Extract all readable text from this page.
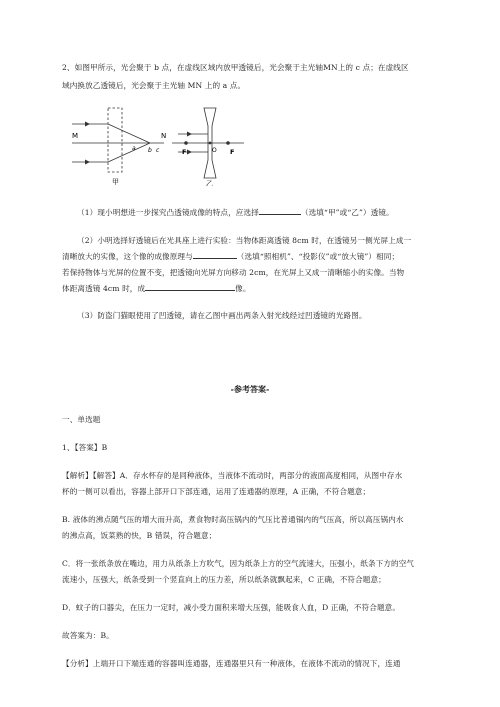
2、如图甲所示，光会聚于 b 点，在虚线区域内放甲透镜后，光会聚于主光轴MN上的 c 点；在虚线区
域内换放乙透镜后，光会聚于主光轴 MN 上的 a 点。
M	N
a b c
甲
F	F
O
乙
（1）现小明想进一步探究凸透镜成像的特点，应选择	（选填“甲”或“乙”）透镜。
（2）小明选择好透镜后在光具座上进行实验：当物体距离透镜 8cm 时，在透镜另一侧光屏上成一
清晰放大的实像，这个像的成像原理与	（选填“照相机”、“投影仪”或“放大镜”）相同；
若保持物体与光屏的位置不变，把透镜向光屏方向移动 2cm，在光屏上又成一清晰缩小的实像。当物
体距离透镜 4cm 时，成	像。
（3）防盗门猫眼使用了凹透镜，请在乙图中画出两条入射光线经过凹透镜的光路图。
-参考答案-
一、单选题
1、【答案】B
【解析】【解答】A．存水杯存的是同种液体，当液体不流动时，两部分的液面高度相同，从图中存水
杯的一侧可以看出，容器上部开口下部连通，运用了连通器的原理，A 正确，不符合题意；
B. 液体的沸点随气压的增大而升高，煮食物时高压锅内的气压比普通锅内的气压高，所以高压锅内水
的沸点高，饭菜熟的快，B 错误，符合题意；
C．将一张纸条放在嘴边，用力从纸条上方吹气，因为纸条上方的空气流速大，压强小，纸条下方的空气
流速小，压强大，纸条受到一个竖直向上的压力差，所以纸条就飘起来，C 正确，不符合题意；
D．蚊子的口器尖，在压力一定时，减小受力面积来增大压强，能吸食人血，D 正确，不符合题意。
故答案为：B。
【分析】上端开口下端连通的容器叫连通器，连通器里只有一种液体，在液体不流动的情况下，连通
